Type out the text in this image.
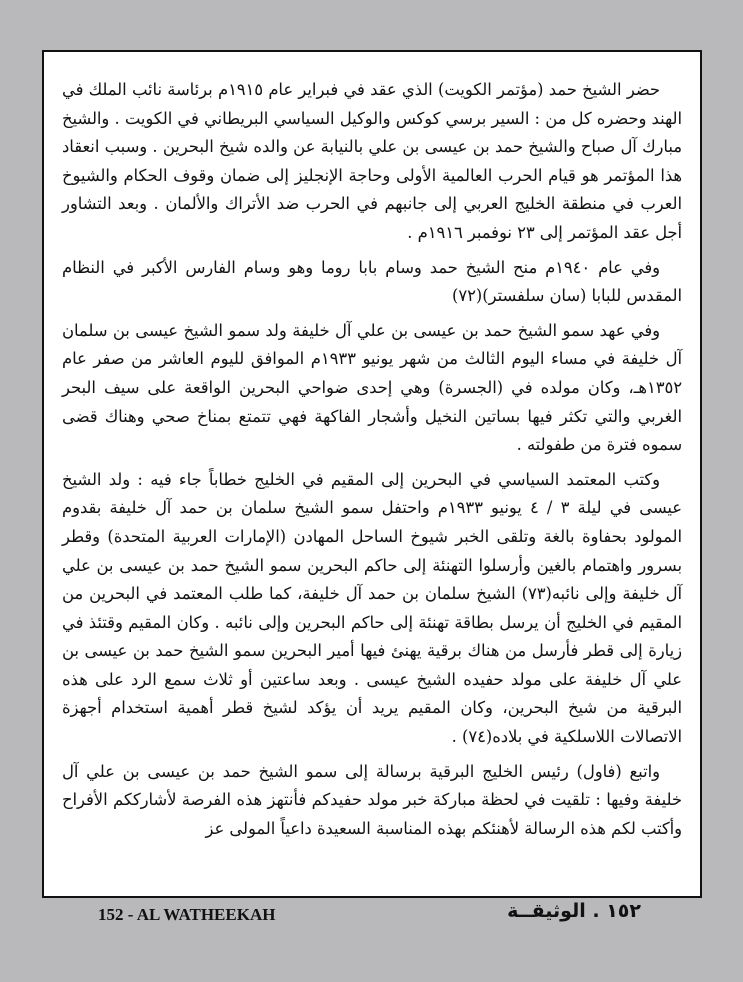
حضر الشيخ حمد (مؤتمر الكويت) الذي عقد في فبراير عام ١٩١٥م برئاسة نائب الملك في الهند وحضره كل من : السير برسي كوكس والوكيل السياسي البريطاني في الكويت . والشيخ مبارك آل صباح والشيخ حمد بن عيسى بن علي بالنيابة عن والده شيخ البحرين . وسبب انعقاد هذا المؤتمر هو قيام الحرب العالمية الأولى وحاجة الإنجليز إلى ضمان وقوف الحكام والشيوخ العرب في منطقة الخليج العربي إلى جانبهم في الحرب ضد الأتراك والألمان . وبعد التشاور أجل عقد المؤتمر إلى ٢٣ نوفمبر ١٩١٦م .

وفي عام ١٩٤٠م منح الشيخ حمد وسام بابا روما وهو وسام الفارس الأكبر في النظام المقدس للبابا (سان سلفستر)(٧٢)

وفي عهد سمو الشيخ حمد بن عيسى بن علي آل خليفة ولد سمو الشيخ عيسى بن سلمان آل خليفة في مساء اليوم الثالث من شهر يونيو ١٩٣٣م الموافق لليوم العاشر من صفر عام ١٣٥٢هـ، وكان مولده في (الجسرة) وهي إحدى ضواحي البحرين الواقعة على سيف البحر الغربي والتي تكثر فيها بساتين النخيل وأشجار الفاكهة فهي تتمتع بمناخ صحي وهناك قضى سموه فترة من طفولته .

وكتب المعتمد السياسي في البحرين إلى المقيم في الخليج خطاباً جاء فيه : ولد الشيخ عيسى في ليلة ٣ / ٤ يونيو ١٩٣٣م واحتفل سمو الشيخ سلمان بن حمد آل خليفة بقدوم المولود بحفاوة بالغة وتلقى الخبر شيوخ الساحل المهادن (الإمارات العربية المتحدة) وقطر بسرور واهتمام بالغين وأرسلوا التهنئة إلى حاكم البحرين سمو الشيخ حمد بن عيسى بن علي آل خليفة وإلى نائبه(٧٣) الشيخ سلمان بن حمد آل خليفة، كما طلب المعتمد في البحرين من المقيم في الخليج أن يرسل بطاقة تهنئة إلى حاكم البحرين وإلى نائبه . وكان المقيم وقتئذ في زيارة إلى قطر فأرسل من هناك برقية يهنئ فيها أمير البحرين سمو الشيخ حمد بن عيسى بن علي آل خليفة على مولد حفيده الشيخ عيسى . وبعد ساعتين أو ثلاث سمع الرد على هذه البرقية من شيخ البحرين، وكان المقيم يريد أن يؤكد لشيخ قطر أهمية استخدام أجهزة الاتصالات اللاسلكية في بلاده(٧٤) .

واتبع (فاول) رئيس الخليج البرقية برسالة إلى سمو الشيخ حمد بن عيسى بن علي آل خليفة وفيها : تلقيت في لحظة مباركة خبر مولد حفيدكم فأنتهز هذه الفرصة لأشارككم الأفراح وأكتب لكم هذه الرسالة لأهنئكم بهذه المناسبة السعيدة داعياً المولى عز

152 - AL WATHEEKAH	١٥٢ . الوثيقــة
